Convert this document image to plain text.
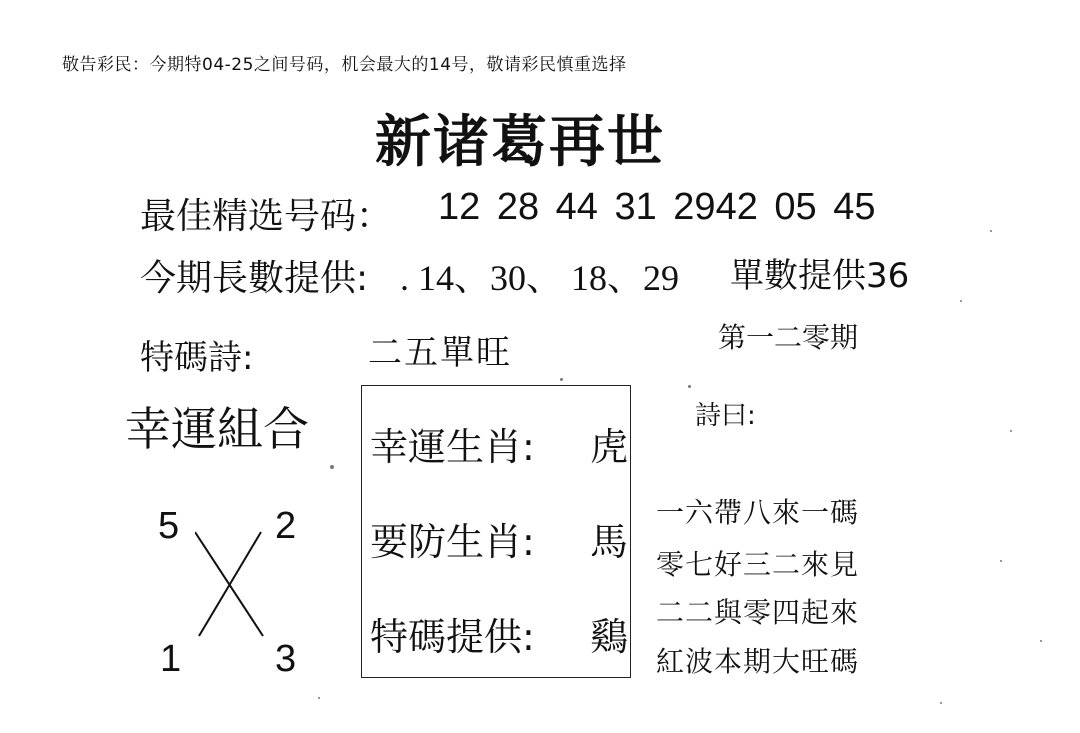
敬告彩民：今期特04-25之间号码，机会最大的14号，敬请彩民慎重选择
新诸葛再世
最佳精选号码： 12 28 44 31 2942 05 45
今期長數提供: . 14、30、 18、29 單數提供36
特碼詩:	二五單旺	第一二零期
幸運組合
5	2
1 3
幸運生肖: 虎
要防生肖: 馬
特碼提供: 鷄
詩曰:
一六帶八來一碼
零七好三二來見
二二與零四起來
紅波本期大旺碼
